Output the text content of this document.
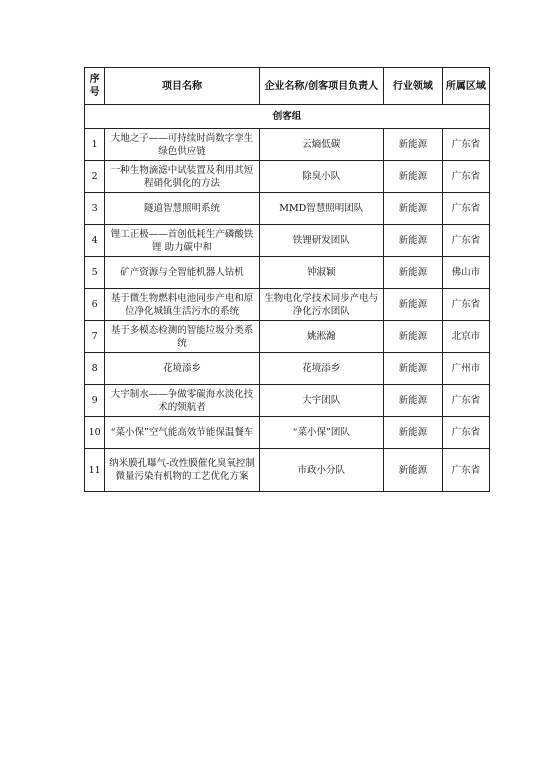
序号	项目名称	企业名称/创客项目负责人	行业领域	所属区域
创客组				
1	大地之子——可持续时尚数字孪生绿色供应链	云熵低碳	新能源	广东省
2	一种生物滴滤中试装置及利用其短程硝化驯化的方法	除臭小队	新能源	广东省
3	隧道智慧照明系统	MMD智慧照明团队	新能源	广东省
4	锂工正极——首创低耗生产磷酸铁锂 助力碳中和	铁锂研发团队	新能源	广东省
5	矿产资源与全智能机器人钻机	钟淑颖	新能源	佛山市
6	基于微生物燃料电池同步产电和原位净化城镇生活污水的系统	生物电化学技术同步产电与净化污水团队	新能源	广东省
7	基于多模态检测的智能垃圾分类系统	姚淞瀚	新能源	北京市
8	花境添乡	花境添乡	新能源	广州市
9	大宇制水——争做零碳海水淡化技术的领航者	大宇团队	新能源	广东省
10	“菜小保”空气能高效节能保温餐车	“菜小保”团队	新能源	广东省
11	纳米膜孔曝气-改性膜催化臭氧控制微量污染有机物的工艺优化方案	市政小分队	新能源	广东省
